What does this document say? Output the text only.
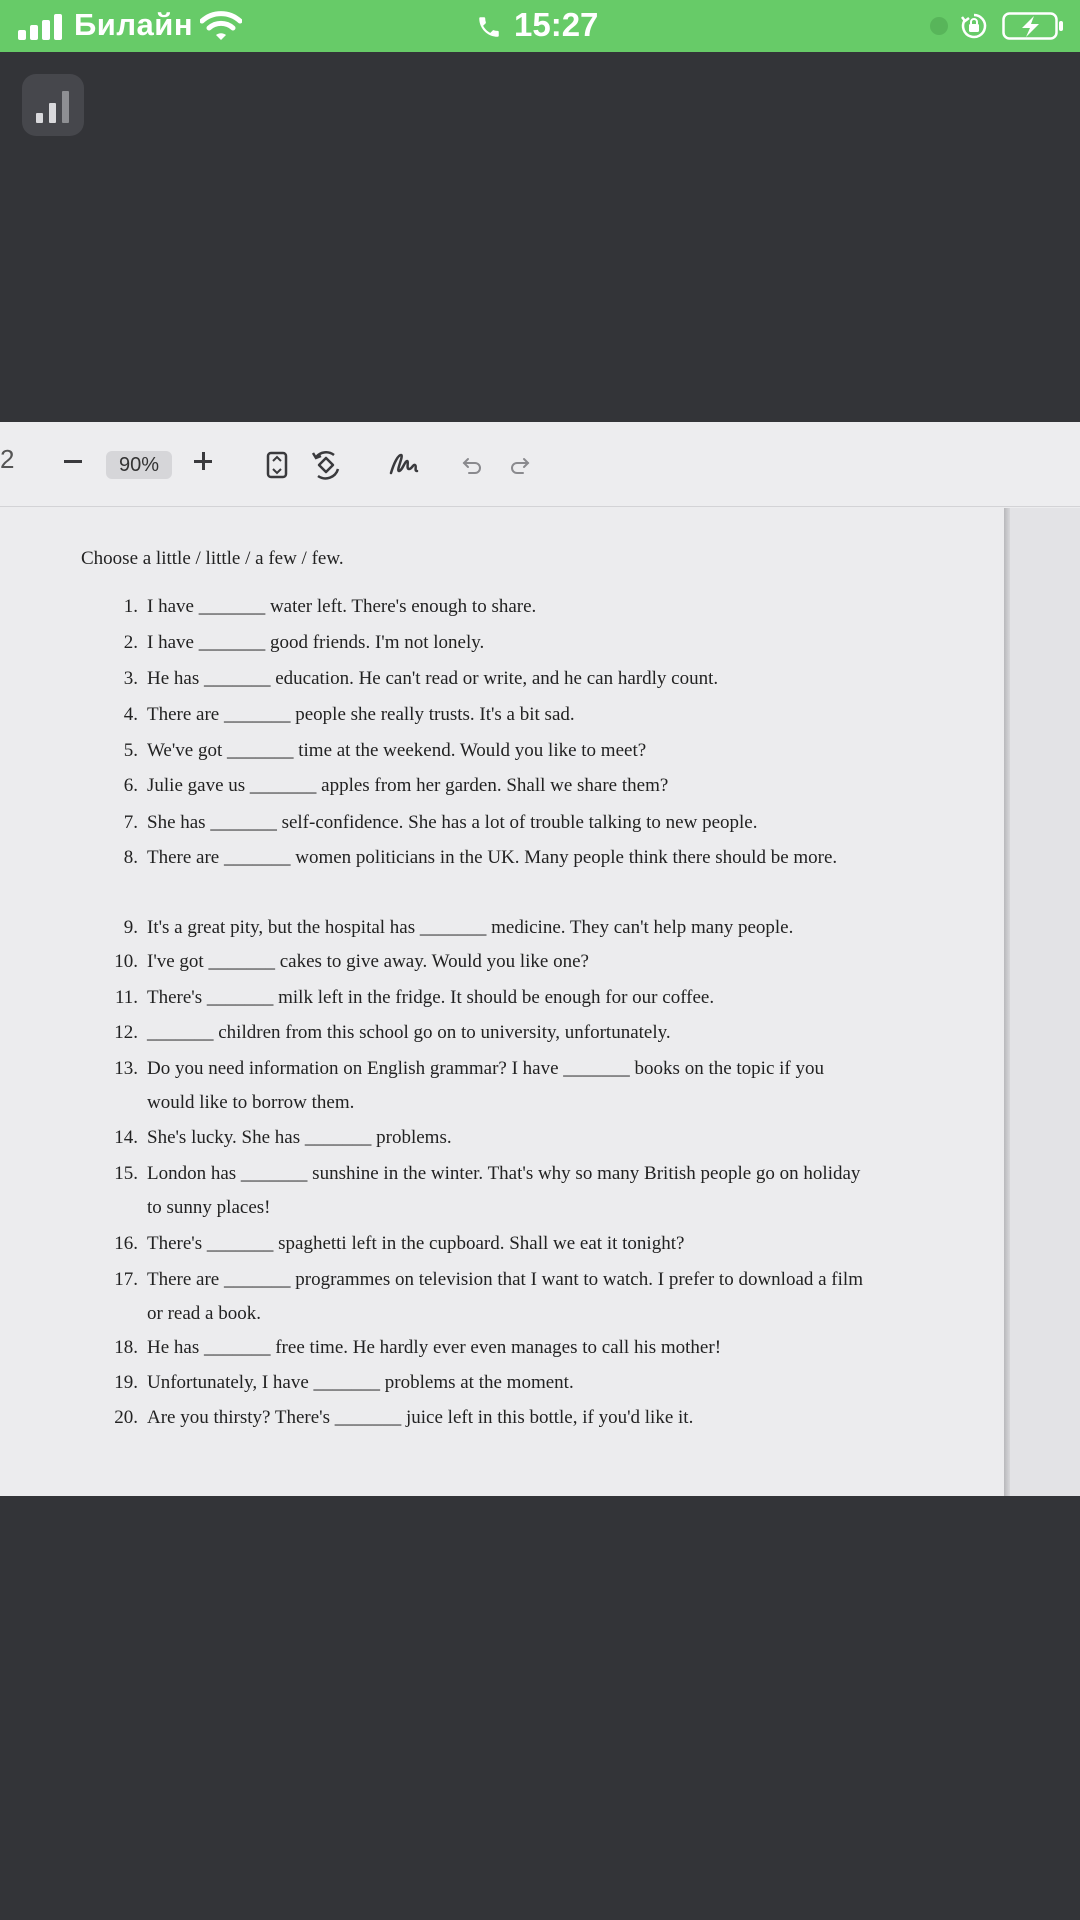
Билайн	15:27
2	90%
Choose a little / little / a few / few.
1. I have _______ water left. There's enough to share.
2. I have _______ good friends. I'm not lonely.
3. He has _______ education. He can't read or write, and he can hardly count.
4. There are _______ people she really trusts. It's a bit sad.
5. We've got _______ time at the weekend. Would you like to meet?
6. Julie gave us _______ apples from her garden. Shall we share them?
7. She has _______ self-confidence. She has a lot of trouble talking to new people.
8. There are _______ women politicians in the UK. Many people think there should be more.
9. It's a great pity, but the hospital has _______ medicine. They can't help many people.
10. I've got _______ cakes to give away. Would you like one?
11. There's _______ milk left in the fridge. It should be enough for our coffee.
12. _______ children from this school go on to university, unfortunately.
13. Do you need information on English grammar? I have _______ books on the topic if you would like to borrow them.
14. She's lucky. She has _______ problems.
15. London has _______ sunshine in the winter. That's why so many British people go on holiday to sunny places!
16. There's _______ spaghetti left in the cupboard. Shall we eat it tonight?
17. There are _______ programmes on television that I want to watch. I prefer to download a film or read a book.
18. He has _______ free time. He hardly ever even manages to call his mother!
19. Unfortunately, I have _______ problems at the moment.
20. Are you thirsty? There's _______ juice left in this bottle, if you'd like it.
